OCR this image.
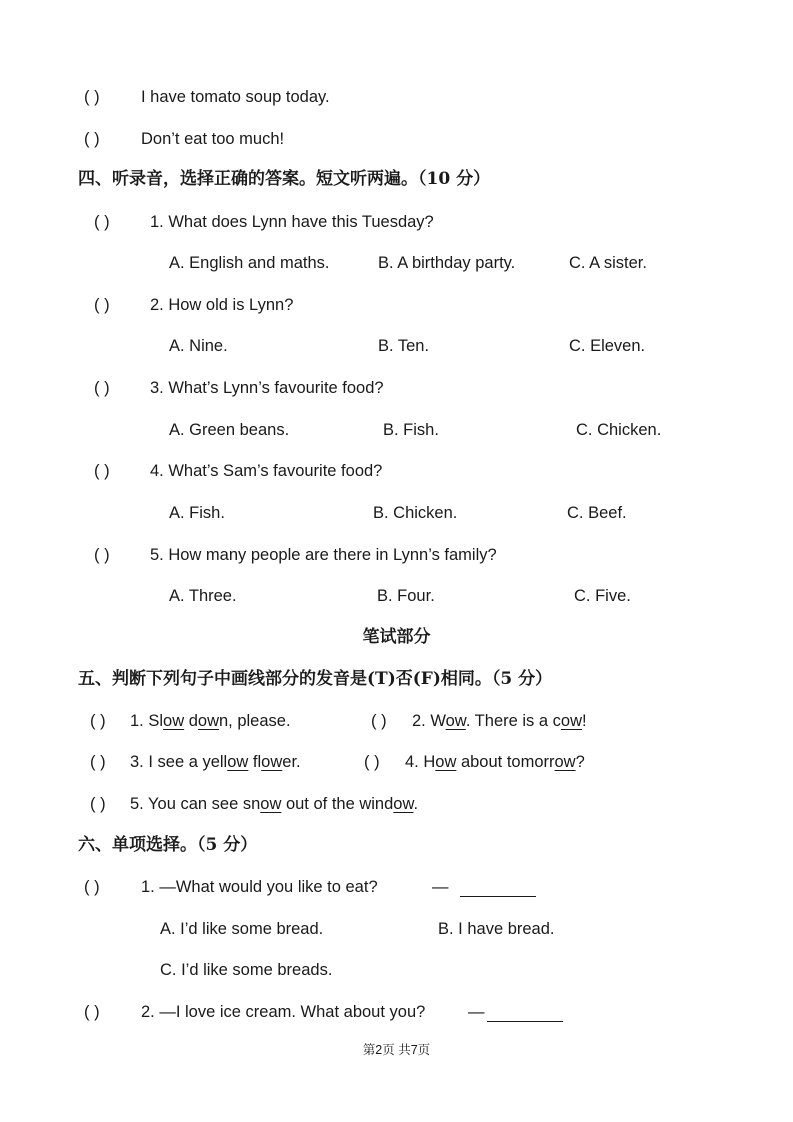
( )	I have tomato soup today.
( )	Don’t eat too much!
四、听录音，选择正确的答案。短文听两遍。（10 分）
( ) 1. What does Lynn have this Tuesday?
A. English and maths.	B. A birthday party.	C. A sister.
( ) 2. How old is Lynn?
A. Nine.	B. Ten.	C. Eleven.
( ) 3. What’s Lynn’s favourite food?
A. Green beans.	B. Fish.	C. Chicken.
( ) 4. What’s Sam’s favourite food?
A. Fish.	B. Chicken.	C. Beef.
( ) 5. How many people are there in Lynn’s family?
A. Three.	B. Four.	C. Five.
笔试部分
五、判断下列句子中画线部分的发音是(T)否(F)相同。（5 分）
( ) 1. Slow down, please.	( ) 2. Wow. There is a cow!
( ) 3. I see a yellow flower.	( ) 4. How about tomorrow?
( ) 5. You can see snow out of the window.
六、单项选择。（5 分）
( )	1. —What would you like to eat?	—
A. I’d like some bread.	B. I have bread.
C. I’d like some breads.
( )	2. —I love ice cream. What about you?	—
第2页 共7页
